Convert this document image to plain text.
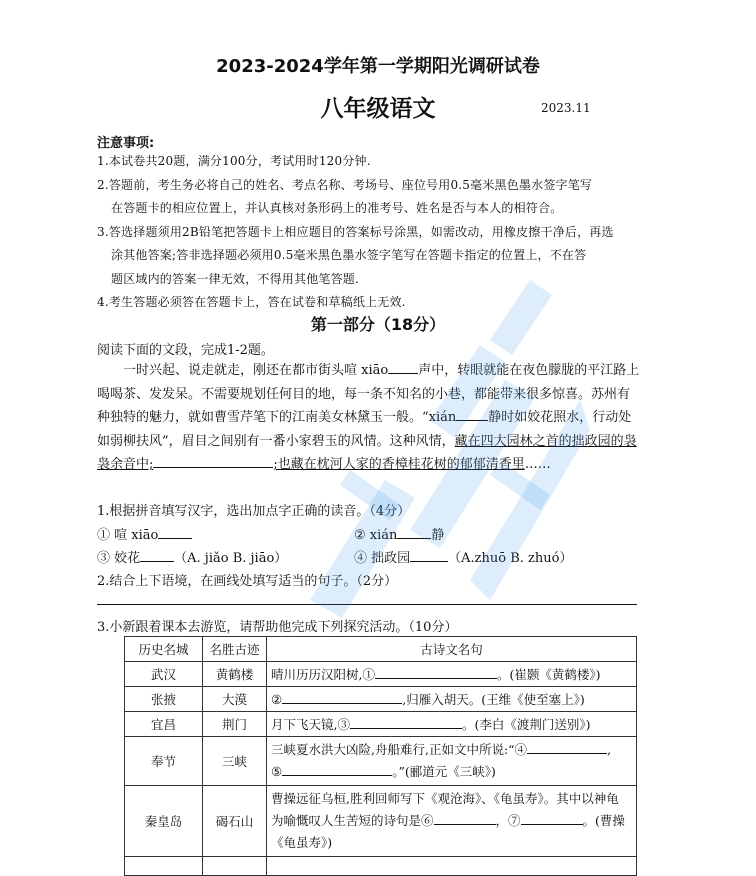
2023-2024学年第一学期阳光调研试卷
八年级语文	2023.11
注意事项:
1.本试卷共20题，满分100分，考试用时120分钟.
2.答题前，考生务必将自己的姓名、考点名称、考场号、座位号用0.5毫米黑色墨水签字笔写
在答题卡的相应位置上，并认真核对条形码上的准考号、姓名是否与本人的相符合。
3.答选择题须用2B铅笔把答题卡上相应题目的答案标号涂黑，如需改动，用橡皮擦干净后，再选
涂其他答案;答非选择题必须用0.5毫米黑色墨水签字笔写在答题卡指定的位置上，不在答
题区域内的答案一律无效，不得用其他笔答题.
4.考生答题必须答在答题卡上，答在试卷和草稿纸上无效.
第一部分（18分）
阅读下面的文段，完成1-2题。
一时兴起、说走就走，刚还在都市街头喧 xiāo 声中，转眼就能在夜色朦胧的平江路上喝喝茶、发发呆。不需要规划任何目的地，每一条不知名的小巷，都能带来很多惊喜。苏州有种独特的魅力，就如曹雪芹笔下的江南美女林黛玉一般。“xián 静时如姣花照水，行动处如弱柳扶风”，眉目之间别有一番小家碧玉的风情。这种风情，藏在四大园林之首的拙政园的袅袅余音中;	;也藏在枕河人家的香樟桂花树的郁郁清香里……
1.根据拼音填写汉字，选出加点字正确的读音。（4分）
① 喧 xiāo	② xián	静
③ 姣花	（A. jiǎo B. jiāo）	④ 拙政园	（A.zhuō B. zhuó）
2.结合上下语境，在画线处填写适当的句子。（2分）
3.小新跟着课本去游览，请帮助他完成下列探究活动。（10分）
历史名城	名胜古迹	古诗文名句
武汉	黄鹤楼	晴川历历汉阳树,① 。(崔颢《黄鹤楼》)
张掖	大漠	② ,归雁入胡天。(王维《使至塞上》)
宜昌	荆门	月下飞天镜,③ 。(李白《渡荆门送别》)
奉节	三峡	三峡夏水洪大凶险,舟船难行,正如文中所说:“④ ,
⑤ 。”(郦道元《三峡》)

秦皇岛	碣石山	曹操远征乌桓,胜利回师写下《观沧海》、《龟虽寿》。其中以神龟
为喻慨叹人生苦短的诗句是⑥ ，⑦ 。(曹操
《龟虽寿》)
